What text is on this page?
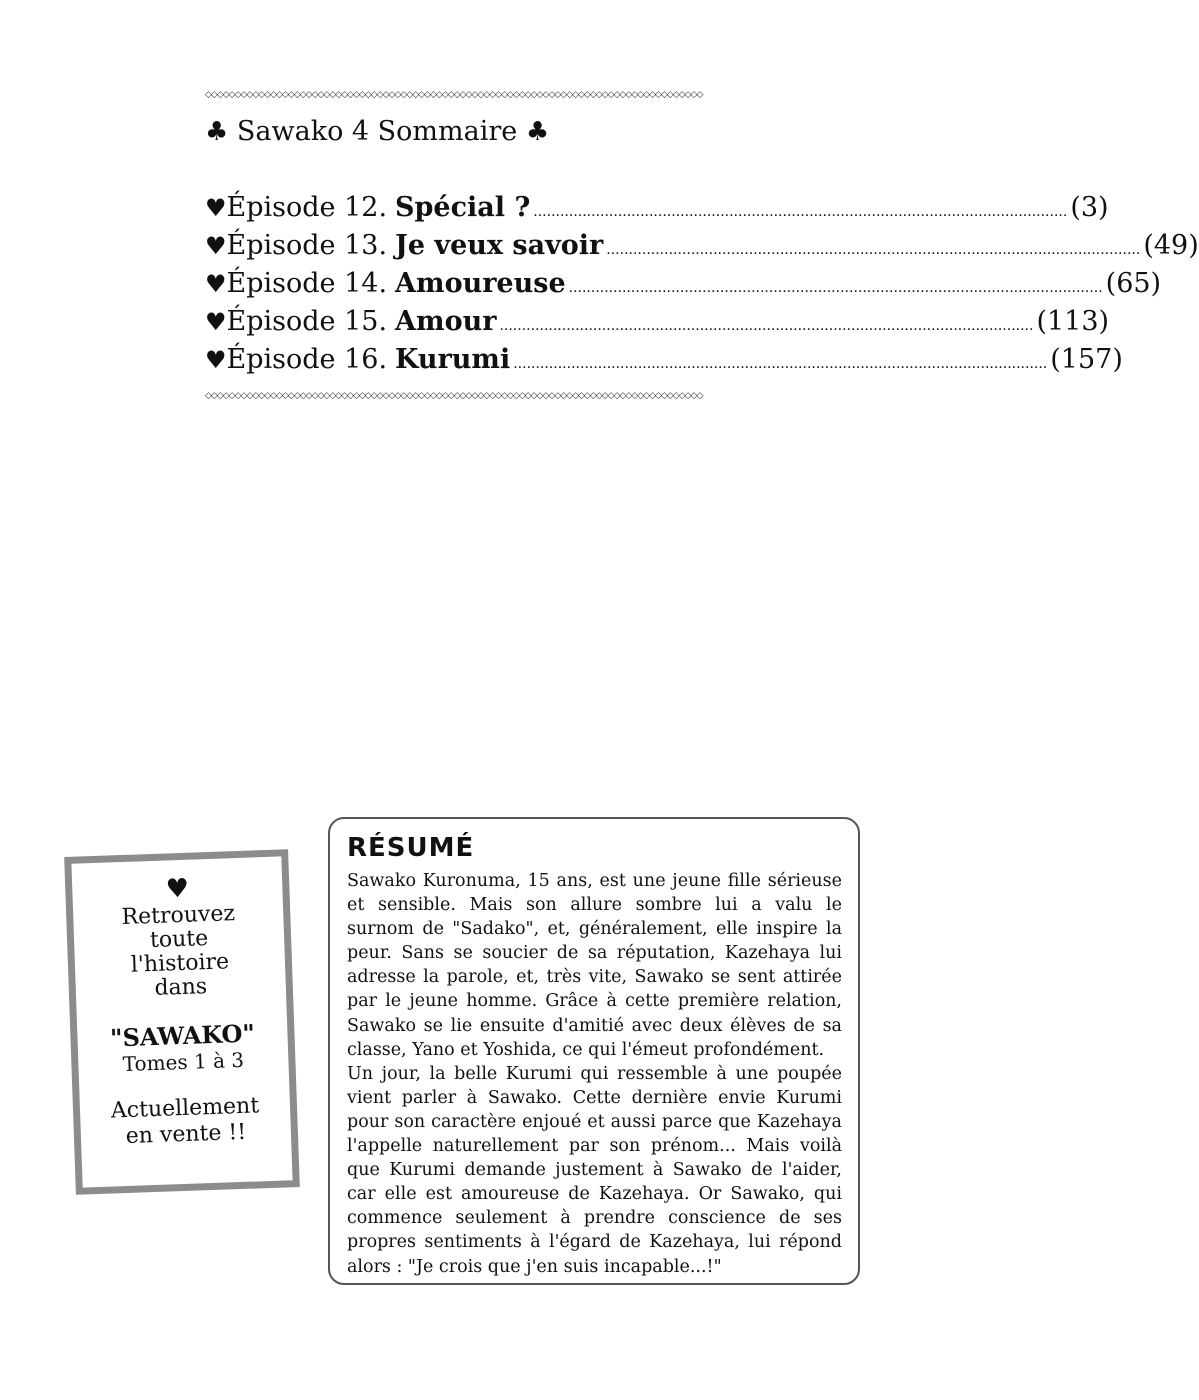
◇◇◇◇◇◇◇◇◇◇◇◇◇◇◇◇◇◇◇◇◇◇◇◇◇◇◇◇◇◇◇◇◇◇◇◇◇◇◇◇◇◇◇◇◇◇◇◇◇◇◇◇◇◇◇◇◇◇◇◇◇◇◇◇◇◇◇◇◇◇◇◇◇◇◇◇◇◇◇◇◇◇◇◇
♣ Sawako 4 Sommaire ♣
♥ Épisode 12. Spécial ? ........................................................................................................................ (3)
♥ Épisode 13. Je veux savoir ........................................................................................................................ (49)
♥ Épisode 14. Amoureuse ........................................................................................................................ (65)
♥ Épisode 15. Amour ........................................................................................................................ (113)
♥ Épisode 16. Kurumi ........................................................................................................................ (157)
◇◇◇◇◇◇◇◇◇◇◇◇◇◇◇◇◇◇◇◇◇◇◇◇◇◇◇◇◇◇◇◇◇◇◇◇◇◇◇◇◇◇◇◇◇◇◇◇◇◇◇◇◇◇◇◇◇◇◇◇◇◇◇◇◇◇◇◇◇◇◇◇◇◇◇◇◇◇◇◇◇◇◇◇
♥
Retrouvez
toute
l'histoire
dans
"SAWAKO"
Tomes 1 à 3
Actuellement
en vente !!
RÉSUMÉ

Sawako Kuronuma, 15 ans, est une jeune fille sérieuse et sensible. Mais son allure sombre lui a valu le surnom de "Sadako", et, généralement, elle inspire la peur. Sans se soucier de sa réputation, Kazehaya lui adresse la parole, et, très vite, Sawako se sent attirée par le jeune homme. Grâce à cette première relation, Sawako se lie ensuite d'amitié avec deux élèves de sa classe, Yano et Yoshida, ce qui l'émeut profondément.

Un jour, la belle Kurumi qui ressemble à une poupée vient parler à Sawako. Cette dernière envie Kurumi pour son caractère enjoué et aussi parce que Kazehaya l'appelle naturellement par son prénom... Mais voilà que Kurumi demande justement à Sawako de l'aider, car elle est amoureuse de Kazehaya. Or Sawako, qui commence seulement à prendre conscience de ses propres sentiments à l'égard de Kazehaya, lui répond alors : "Je crois que j'en suis incapable...!"
